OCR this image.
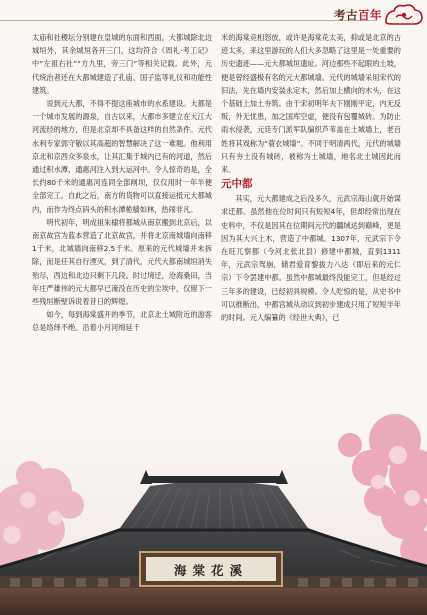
考古百年

太庙和社稷坛分别建在皇城的东面和西面，大都城除北边城垣外，其余城垣各开三门，这均符合《周礼·考工记》中“左祖右社”“方九里，旁三门”等相关记载。此外，元代统治者还在大都城建造了孔庙、国子监等礼仪和功能性建筑。

说到元大都，不得不提这座城市的水系建设。大都是一个城市发展的源泉，自古以来，大都市多建立在大江大河流经的地方，但是北京却不具备这样的自然条件。元代水利专家郭守敬以其高超的智慧解决了这一难题。他利用京北和京西众多泉水，让其汇集于城内已有的河道，然后通过积水潭、通惠河注入到大运河中。令人惊奇的是，全长约80千米的通惠河连同全部闸坝，仅仅用时一年半便全部完工。自此之后，南方的货物可以直接运抵元大都城内，而作为终点码头的积水潭桅樯如林，热闹非凡。

明代初年，明成祖朱棣将都城从南京搬到北京后，以南京故宫为蓝本营造了北京故宫，并将北京南城墙向南移1千米，北城墙向南移2.5千米。原来的元代城墙并未拆除，而是任其自行湮灭，到了清代，元代大都南城垣消失殆尽，西边和北边只剩下几段。时过境迁，沧海桑田，当年庄严雄伟的元大都早已淹没在历史的尘埃中，仅留下一些残垣断壁诉说着昔日的辉煌。

如今，每到海棠盛开的季节，北京北土城附近的游客总是络绎不绝。沿着小月河绵延千

米的海棠竞相怒放，或许是海棠花太美，抑或是北京的古迹太多，来这里游玩的人们大多忽略了这里是一处重要的历史遗迹——元大都城垣遗址。河边那些不起眼的土坡，便是曾经盛极有名的元大都城墙。元代的城墙采用宋代的旧法，先在墙内安装永定木，然后加上横向的木头，在这个基础上加土夯筑。由于宋初明年夫下刚刚平定，内无反叛，外无忧患，加之国库空虚，便没有包覆城砖。为防止雨水侵袭，元廷专门派军队编织芦苇盖在土城墙上，老百姓将其戏称为“蓑衣城墙”。不同于明清两代，元代的城墙只有夯土没有城砖，被称为土城墙，地名北土城因此而来。

元中都

其实，元大都建成之后没多久，元武宗海山就开始谋求迁都。虽然他在位时间只有短短4年，但却经常出现在史料中，不仅是因其在位期间元代的疆域达到巅峰，更是因为其大兴土木，营造了中都城。1307年，元武宗下令在旺兀察都（今河北张北县）修建中都城，直到1311年，元武宗驾崩，储君爱育黎拔力八达（即后来的元仁宗）下令罢建中都。虽然中都城最终没能完工，但是经过三年多的建设，已经初具规模。令人吃惊的是，从史书中可以推断出，中都宫城从动议到初步建成只用了短短半年的时间。元人编纂的《经世大典》，已

海棠花溪
